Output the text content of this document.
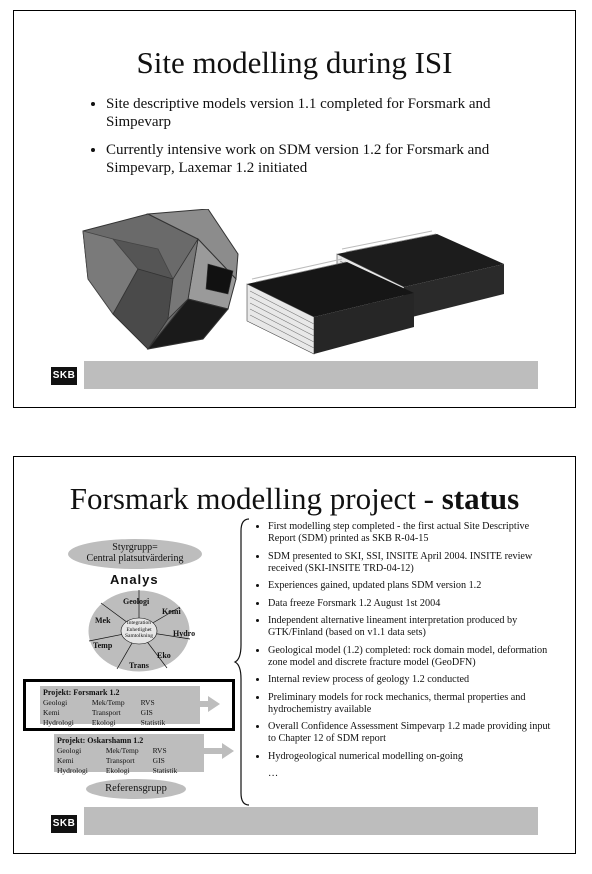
Site modelling during ISI
• Site descriptive models version 1.1 completed for Forsmark and Simpevarp
• Currently intensive work on SDM version 1.2 for Forsmark and Simpevarp, Laxemar 1.2 initiated
SKB
Forsmark modelling project - status
Styrgrupp=
Central platsutvärdering
Analys
Integration
Enhetlighet
Samtolkning
Geologi
Kemi
Hydro
Eko
Trans
Temp
Mek
Projekt: Forsmark 1.2
Geologi	Mek/Temp	RVS
Kemi	Transport	GIS
Hydrologi	Ekologi	Statistik
Projekt: Oskarshamn 1.2
Geologi	Mek/Temp	RVS
Kemi	Transport	GIS
Hydrologi	Ekologi	Statistik
Referensgrupp
• First modelling step completed - the first actual Site Descriptive Report (SDM) printed as SKB R-04-15
• SDM presented to SKI, SSI, INSITE April 2004. INSITE review received (SKI-INSITE TRD-04-12)
• Experiences gained, updated plans SDM version 1.2
• Data freeze Forsmark 1.2 August 1st 2004
• Independent alternative lineament interpretation produced by GTK/Finland (based on v1.1 data sets)
• Geological model (1.2) completed: rock domain model, deformation zone model and discrete fracture model (GeoDFN)
• Internal review process of geology 1.2 conducted
• Preliminary models for rock mechanics, thermal properties and hydrochemistry available
• Overall Confidence Assessment Simpevarp 1.2 made providing input to Chapter 12 of SDM report
• Hydrogeological numerical modelling on-going
…
SKB
